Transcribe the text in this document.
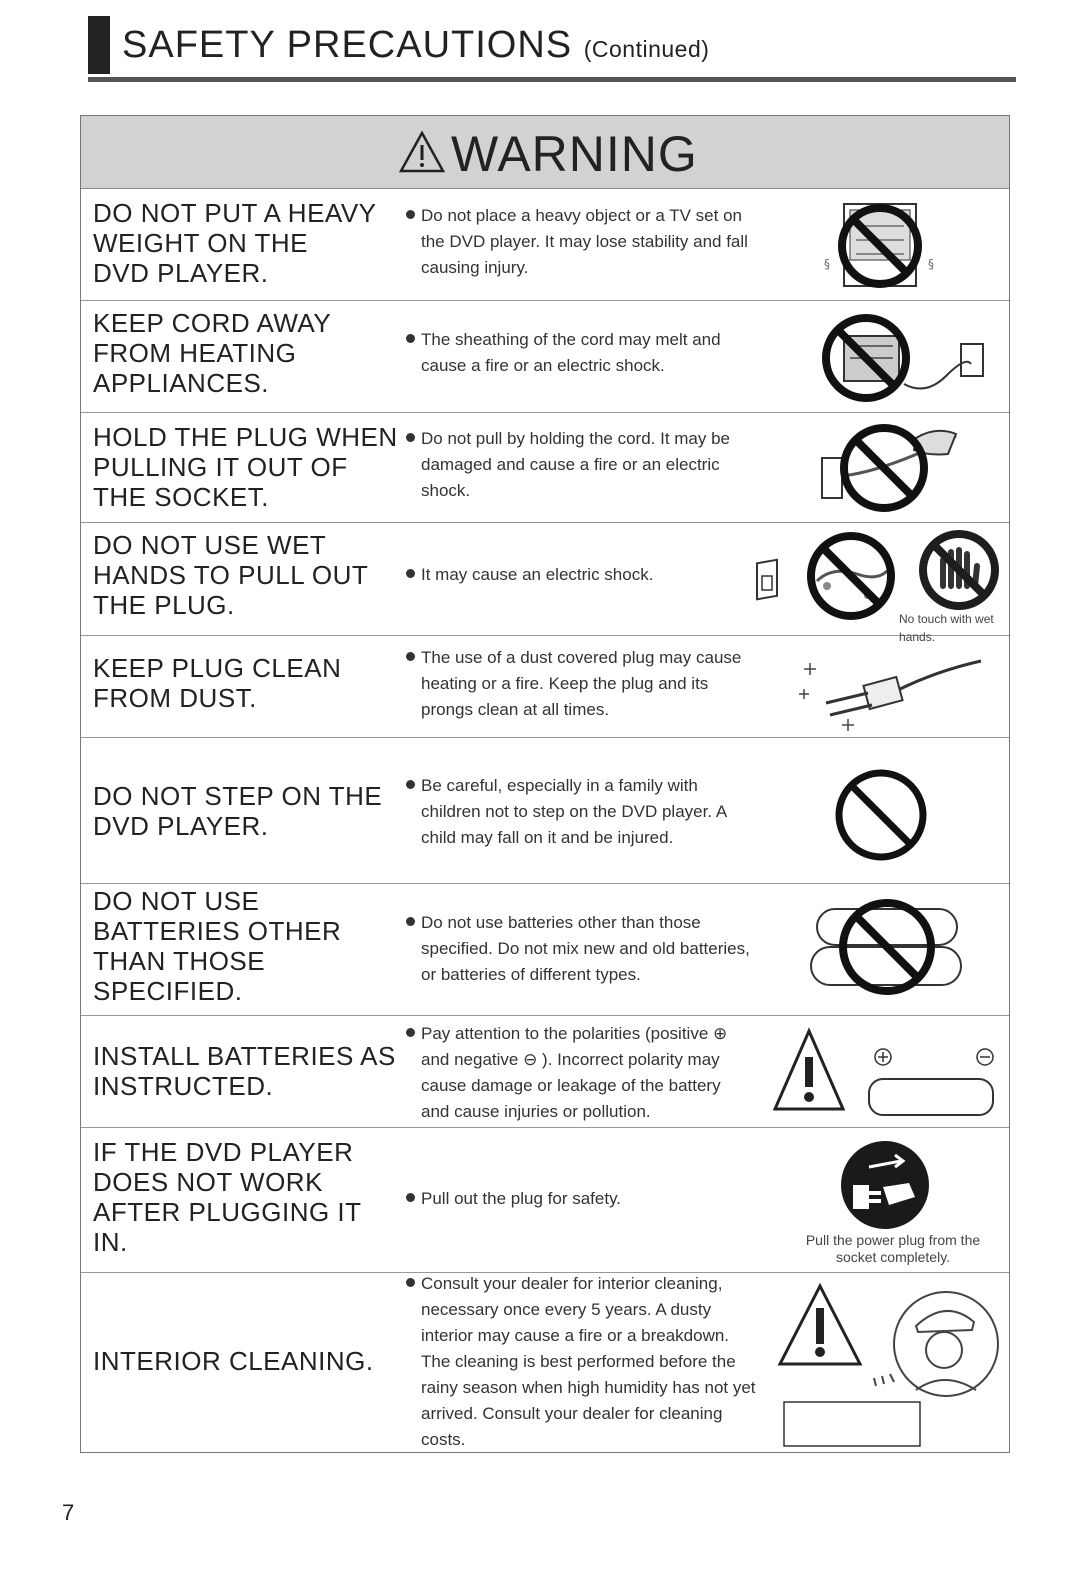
SAFETY PRECAUTIONS (Continued)
WARNING
DO NOT PUT A HEAVY
WEIGHT ON THE
DVD PLAYER.
Do not place a heavy object or a TV set on
the DVD player. It may lose stability and fall
causing injury.	§	§
KEEP CORD AWAY
FROM HEATING
APPLIANCES.
The sheathing of the cord may melt and
cause a fire or an electric shock.
HOLD THE PLUG WHEN
PULLING IT OUT OF
THE SOCKET.
Do not pull by holding the cord. It may be
damaged and cause a fire or an electric
shock.
DO NOT USE WET
HANDS TO PULL OUT
THE PLUG.
It may cause an electric shock.
No touch with wet hands.
KEEP PLUG CLEAN
FROM DUST.
The use of a dust covered plug may cause
heating or a fire. Keep the plug and its
prongs clean at all times.
DO NOT STEP ON THE
DVD PLAYER.
Be careful, especially in a family with
children not to step on the DVD player. A
child may fall on it and be injured.
DO NOT USE
BATTERIES OTHER
THAN THOSE
SPECIFIED.
Do not use batteries other than those
specified. Do not mix new and old batteries,
or batteries of different types.
INSTALL BATTERIES AS
INSTRUCTED.
Pay attention to the polarities (positive ⊕
and negative ⊖ ). Incorrect polarity may
cause damage or leakage of the battery
and cause injuries or pollution.
IF THE DVD PLAYER
DOES NOT WORK
AFTER PLUGGING IT
IN.
Pull out the plug for safety.
Pull the power plug from the socket completely.
INTERIOR CLEANING.
Consult your dealer for interior cleaning,
necessary once every 5 years. A dusty
interior may cause a fire or a breakdown.
The cleaning is best performed before the
rainy season when high humidity has not yet
arrived. Consult your dealer for cleaning
costs.
7
